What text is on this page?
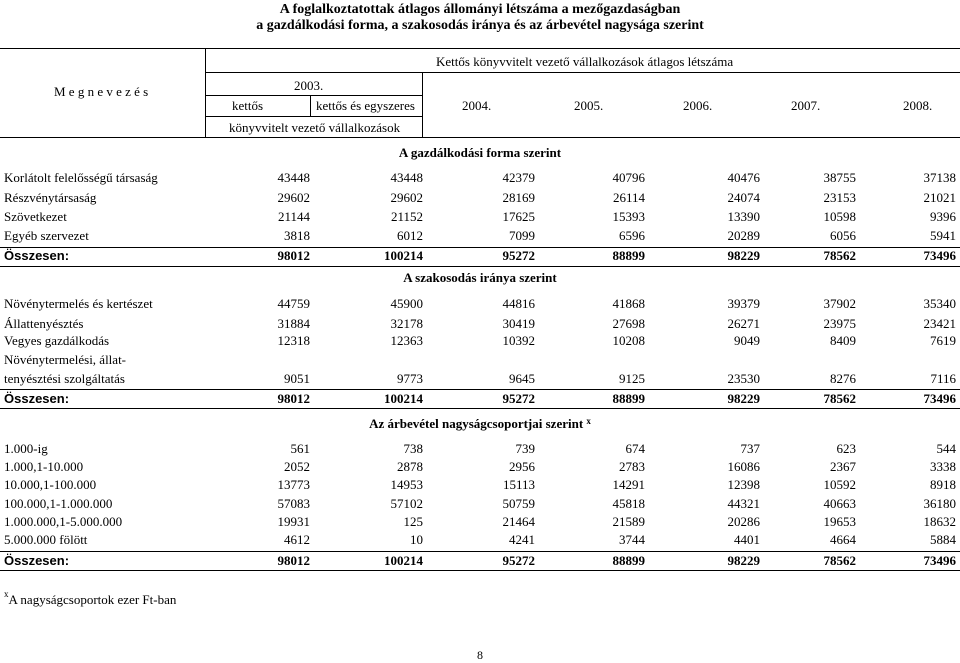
A foglalkoztatottak átlagos állományi létszáma a mezőgazdaságban
a gazdálkodási forma, a szakosodás iránya és az árbevétel nagysága szerint
M e g n e v e z é s
Kettős könyvvitelt vezető vállalkozások átlagos létszáma
2003.
kettős	kettős és egyszeres
könyvvitelt vezető vállalkozások
2004.	2005.	2006.	2007.	2008.
A gazdálkodási forma szerint
Korlátolt felelősségű társaság	43448	43448	42379	40796	40476	38755	37138
Részvénytársaság	29602	29602	28169	26114	24074	23153	21021
Szövetkezet	21144	21152	17625	15393	13390	10598	9396
Egyéb szervezet	3818	6012	7099	6596	20289	6056	5941
Összesen:	98012	100214	95272	88899	98229	78562	73496
A szakosodás iránya szerint
Növénytermelés és kertészet	44759	45900	44816	41868	39379	37902	35340
Állattenyésztés	31884	32178	30419	27698	26271	23975	23421
Vegyes gazdálkodás	12318	12363	10392	10208	9049	8409	7619
Növénytermelési, állat-
tenyésztési szolgáltatás	9051	9773	9645	9125	23530	8276	7116
Összesen:	98012	100214	95272	88899	98229	78562	73496
Az árbevétel nagyságcsoportjai szerint $^x$
1.000-ig	561	738	739	674	737	623	544
1.000,1-10.000	2052	2878	2956	2783	16086	2367	3338
10.000,1-100.000	13773	14953	15113	14291	12398	10592	8918
100.000,1-1.000.000	57083	57102	50759	45818	44321	40663	36180
1.000.000,1-5.000.000	19931	125	21464	21589	20286	19653	18632
5.000.000 fölött	4612	10	4241	3744	4401	4664	5884
Összesen:	98012	100214	95272	88899	98229	78562	73496
$^x$A nagyságcsoportok ezer Ft-ban
8
